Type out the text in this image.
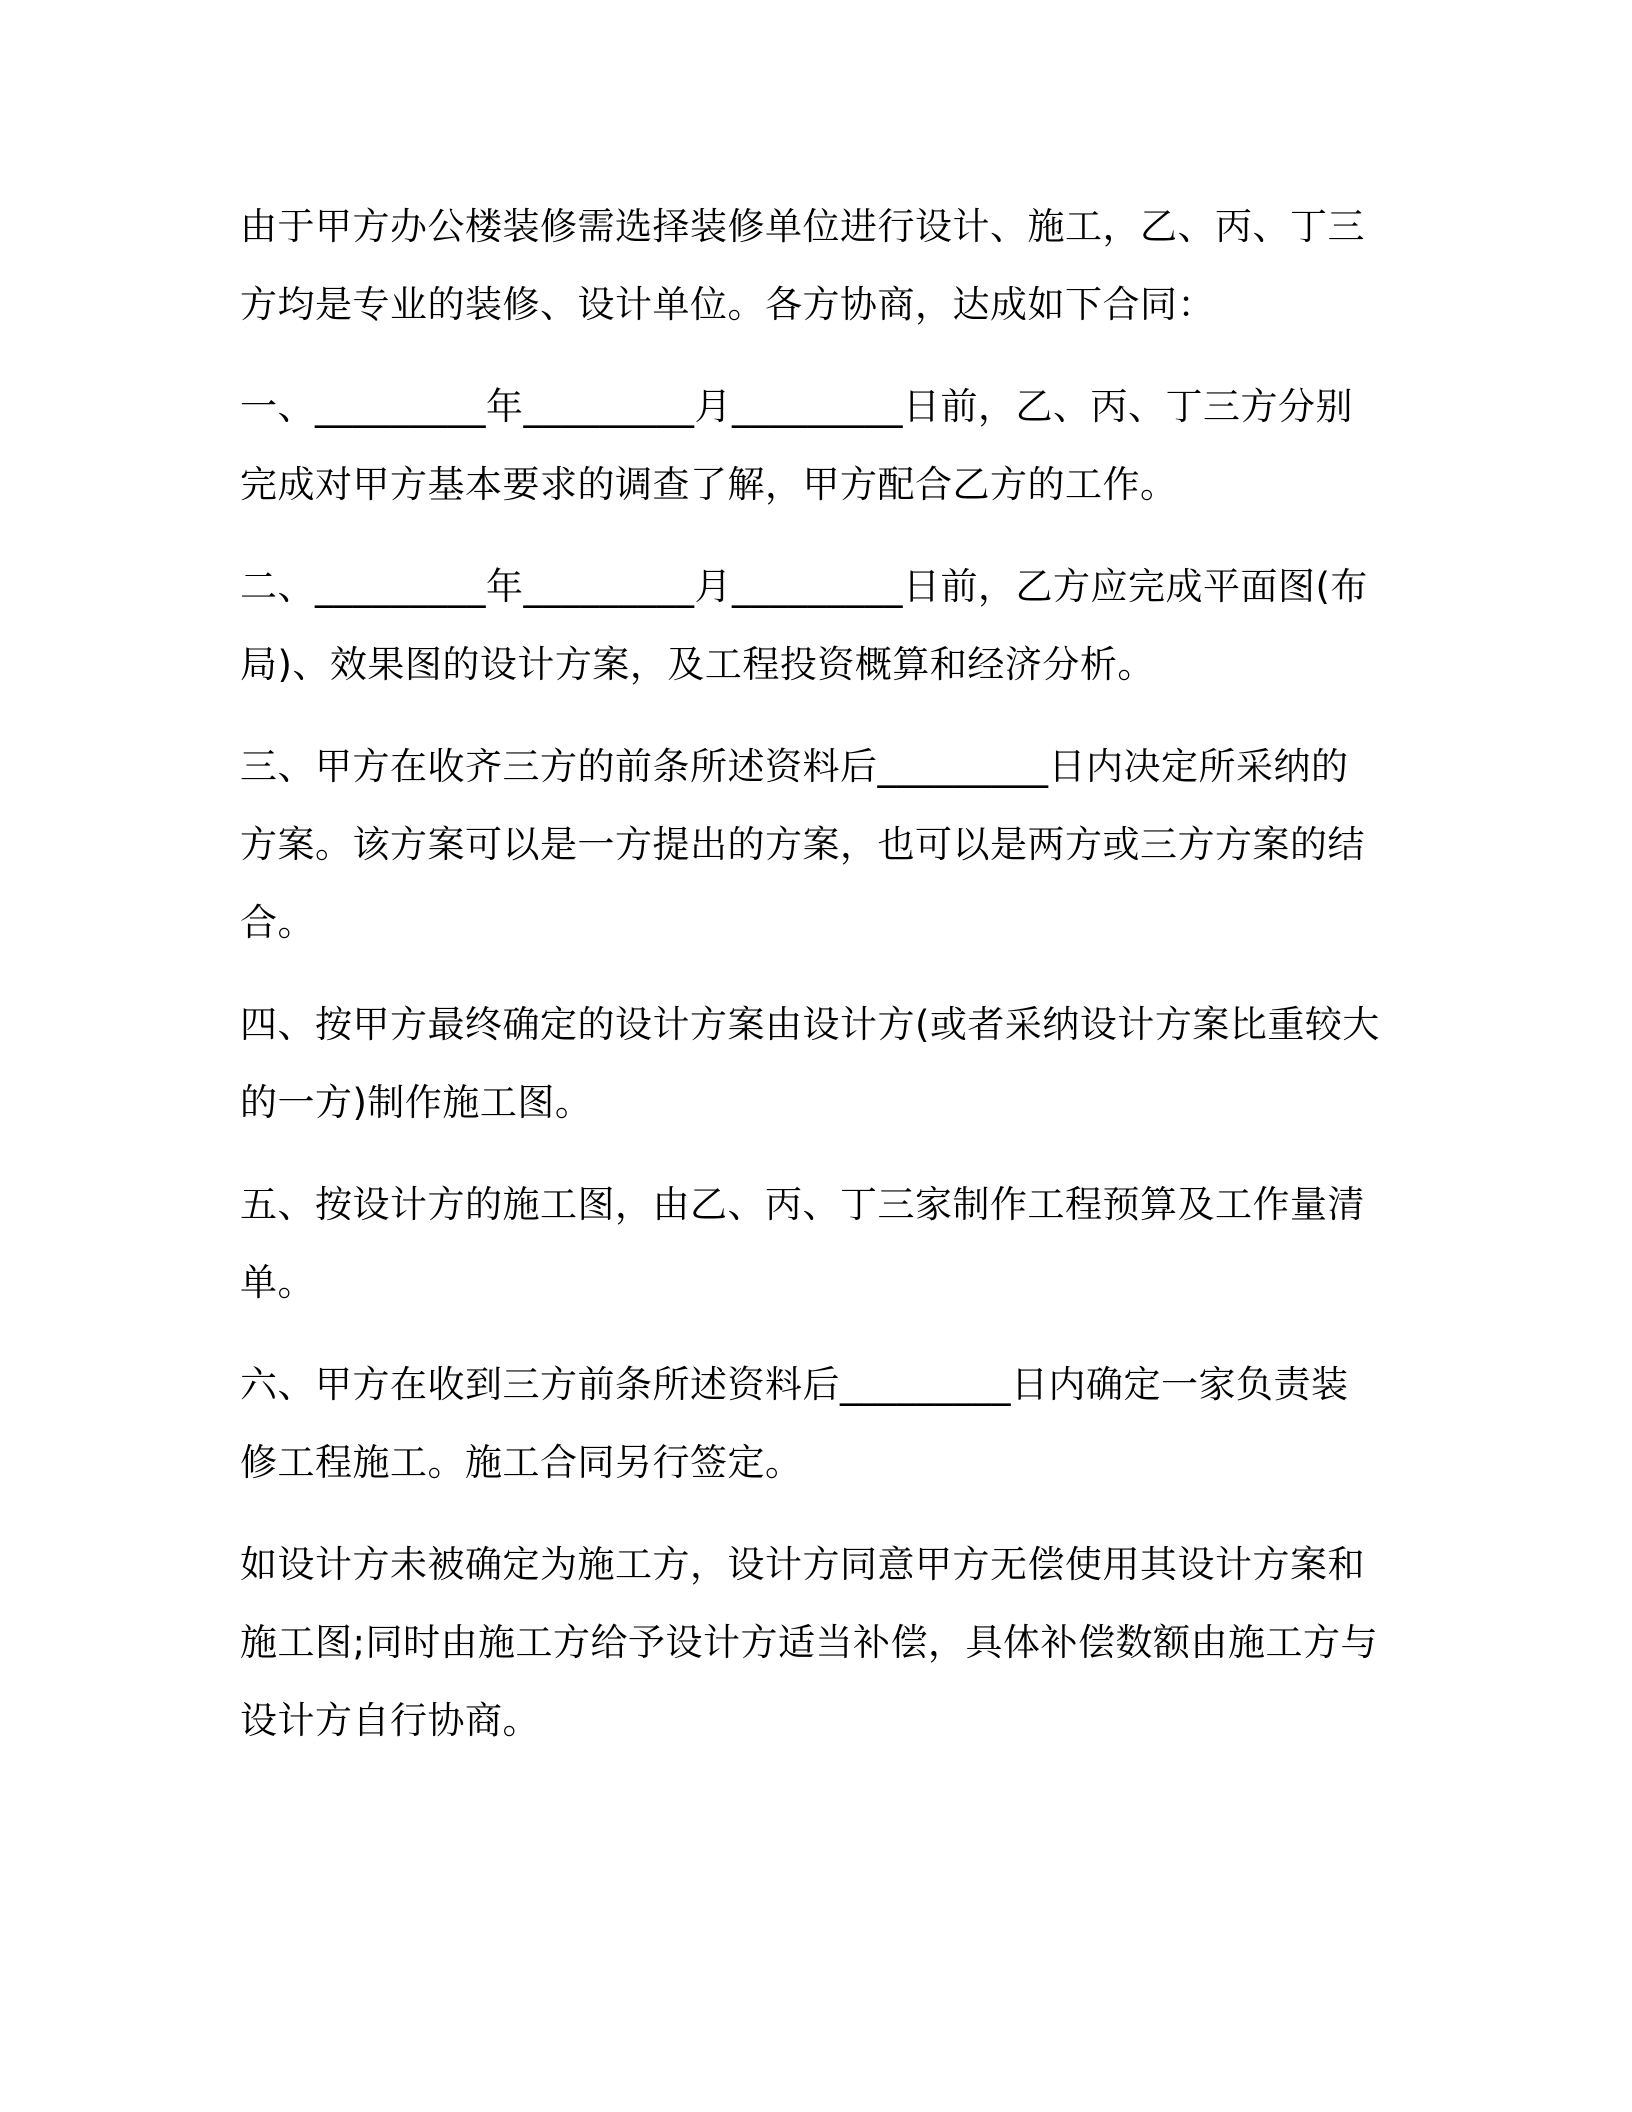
由于甲方办公楼装修需选择装修单位进行设计、施工，乙、丙、丁三方均是专业的装修、设计单位。各方协商，达成如下合同：

一、_________年_________月_________日前，乙、丙、丁三方分别完成对甲方基本要求的调查了解，甲方配合乙方的工作。

二、_________年_________月_________日前，乙方应完成平面图(布局)、效果图的设计方案，及工程投资概算和经济分析。

三、甲方在收齐三方的前条所述资料后_________日内决定所采纳的方案。该方案可以是一方提出的方案，也可以是两方或三方方案的结合。

四、按甲方最终确定的设计方案由设计方(或者采纳设计方案比重较大的一方)制作施工图。

五、按设计方的施工图，由乙、丙、丁三家制作工程预算及工作量清单。

六、甲方在收到三方前条所述资料后_________日内确定一家负责装修工程施工。施工合同另行签定。

如设计方未被确定为施工方，设计方同意甲方无偿使用其设计方案和施工图;同时由施工方给予设计方适当补偿，具体补偿数额由施工方与设计方自行协商。
